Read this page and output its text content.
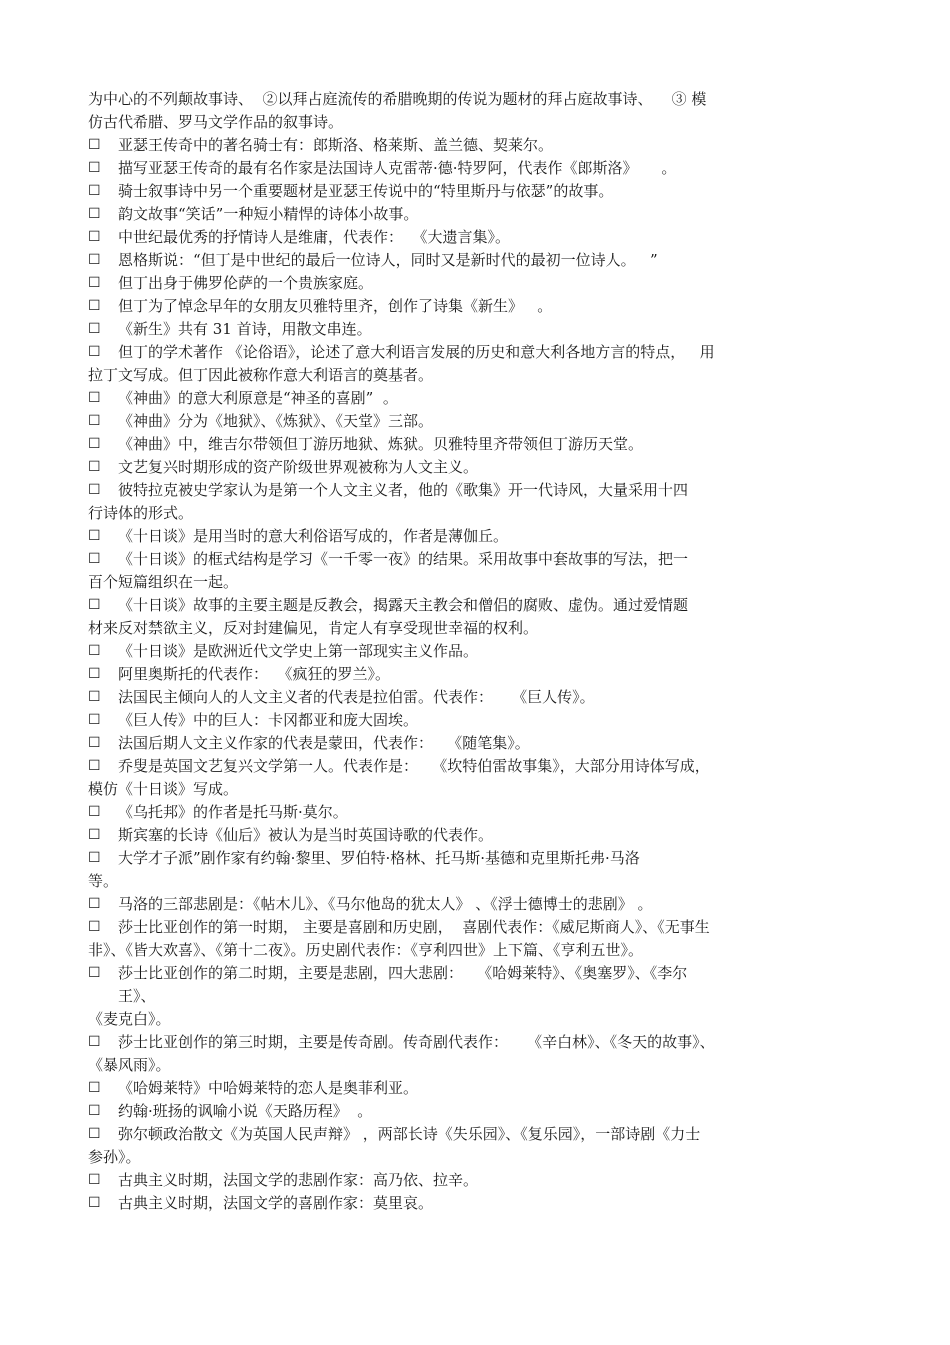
为中心的不列颠故事诗、  ②以拜占庭流传的希腊晚期的传说为题材的拜占庭故事诗、    ③ 模
仿古代希腊、罗马文学作品的叙事诗。
☐	亚瑟王传奇中的著名骑士有：郎斯洛、格莱斯、盖兰德、契莱尔。
☐	描写亚瑟王传奇的最有名作家是法国诗人克雷蒂·德·特罗阿，代表作《郎斯洛》     。
☐	骑士叙事诗中另一个重要题材是亚瑟王传说中的“特里斯丹与依瑟”的故事。
☐	韵文故事“笑话”一种短小精悍的诗体小故事。
☐	中世纪最优秀的抒情诗人是维庸，代表作：  《大遗言集》。
☐	恩格斯说：“但丁是中世纪的最后一位诗人，同时又是新时代的最初一位诗人。   ”
☐	但丁出身于佛罗伦萨的一个贵族家庭。
☐	但丁为了悼念早年的女朋友贝雅特里齐，创作了诗集《新生》   。
☐	《新生》共有 31 首诗，用散文串连。
☐	但丁的学术著作 《论俗语》，论述了意大利语言发展的历史和意大利各地方言的特点，   用
拉丁文写成。但丁因此被称作意大利语言的奠基者。
☐	《神曲》的意大利原意是“神圣的喜剧”  。
☐	《神曲》分为《地狱》、《炼狱》、《天堂》三部。
☐	《神曲》中，维吉尔带领但丁游历地狱、炼狱。贝雅特里齐带领但丁游历天堂。
☐	文艺复兴时期形成的资产阶级世界观被称为人文主义。
☐	彼特拉克被史学家认为是第一个人文主义者，他的《歌集》开一代诗风，大量采用十四
行诗体的形式。
☐	《十日谈》是用当时的意大利俗语写成的，作者是薄伽丘。
☐	《十日谈》的框式结构是学习《一千零一夜》的结果。采用故事中套故事的写法，把一
百个短篇组织在一起。
☐	《十日谈》故事的主要主题是反教会，揭露天主教会和僧侣的腐败、虚伪。通过爱情题
材来反对禁欲主义，反对封建偏见，肯定人有享受现世幸福的权利。
☐	《十日谈》是欧洲近代文学史上第一部现实主义作品。
☐	阿里奥斯托的代表作：  《疯狂的罗兰》。
☐	法国民主倾向人的人文主义者的代表是拉伯雷。代表作：    《巨人传》。
☐	《巨人传》中的巨人：卡冈都亚和庞大固埃。
☐	法国后期人文主义作家的代表是蒙田，代表作：   《随笔集》。
☐	乔叟是英国文艺复兴文学第一人。代表作是：   《坎特伯雷故事集》，大部分用诗体写成，
模仿《十日谈》写成。
☐	《乌托邦》的作者是托马斯·莫尔。
☐	斯宾塞的长诗《仙后》被认为是当时英国诗歌的代表作。
☐	大学才子派”剧作家有约翰·黎里、罗伯特·格林、托马斯·基德和克里斯托弗·马洛
等。
☐	马洛的三部悲剧是：《帖木儿》、《马尔他岛的犹太人》 、《浮士德博士的悲剧》 。
☐	莎士比亚创作的第一时期， 主要是喜剧和历史剧，  喜剧代表作：《威尼斯商人》、《无事生
非》、《皆大欢喜》、《第十二夜》。历史剧代表作：《亨利四世》上下篇、《亨利五世》。
☐	莎士比亚创作的第二时期，主要是悲剧，四大悲剧：   《哈姆莱特》、《奥塞罗》、《李尔
王》、
《麦克白》。
☐	莎士比亚创作的第三时期，主要是传奇剧。传奇剧代表作：    《辛白林》、《冬天的故事》、
《暴风雨》。
☐	《哈姆莱特》中哈姆莱特的恋人是奥菲利亚。
☐	约翰·班扬的讽喻小说《天路历程》  。
☐	弥尔顿政治散文《为英国人民声辩》 ，两部长诗《失乐园》、《复乐园》，一部诗剧《力士
参孙》。
☐	古典主义时期，法国文学的悲剧作家：高乃依、拉辛。
☐	古典主义时期，法国文学的喜剧作家：莫里哀。
